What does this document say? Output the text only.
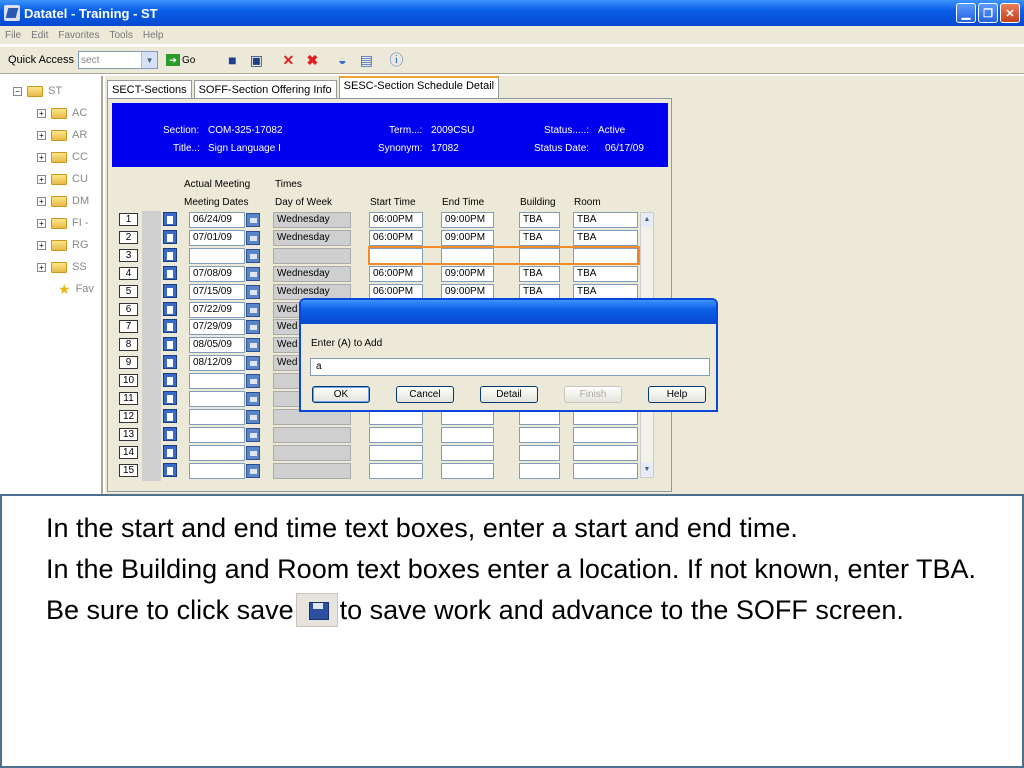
Datatel - Training - ST	▁	❐	✕
File	Edit	Favorites	Tools	Help
Quick Access sect	▼	➔ Go	■ ▣ ✕ ✖	◒ ▤ ⓘ
−	ST
+	AC
+	AR
+	CC
+	CU
+	DM
+	FI -
+	RG
+	SS
★ Fav
SECT-Sections	SOFF-Section Offering Info	SESC-Section Schedule Detail
Section: COM-325-17082
Title..: Sign Language I
Term...: 2009CSU
Synonym: 17082
Status.....: Active
Status Date: 06/17/09
Actual Meeting
Meeting Dates
Times
Day of Week	Start Time	End Time	Building Room
1	06/24/09	Wednesday	06:00PM	09:00PM	TBA	TBA
2	07/01/09	Wednesday	06:00PM	09:00PM	TBA	TBA
3
4	07/08/09	Wednesday	06:00PM	09:00PM	TBA	TBA
5	07/15/09	Wednesday	06:00PM	09:00PM	TBA	TBA
6	07/22/09	Wed
7	07/29/09	Wed
8	08/05/09	Wed
9	08/12/09	Wed
10
11
12
13
14
15
▲
▼
Enter (A) to Add
a
OK	Cancel	Detail	Finish	Help
In the start and end time text boxes, enter a start and end time.
In the Building and Room text boxes enter a location. If not known, enter TBA.
Be sure to click save to save work and advance to the SOFF screen.
